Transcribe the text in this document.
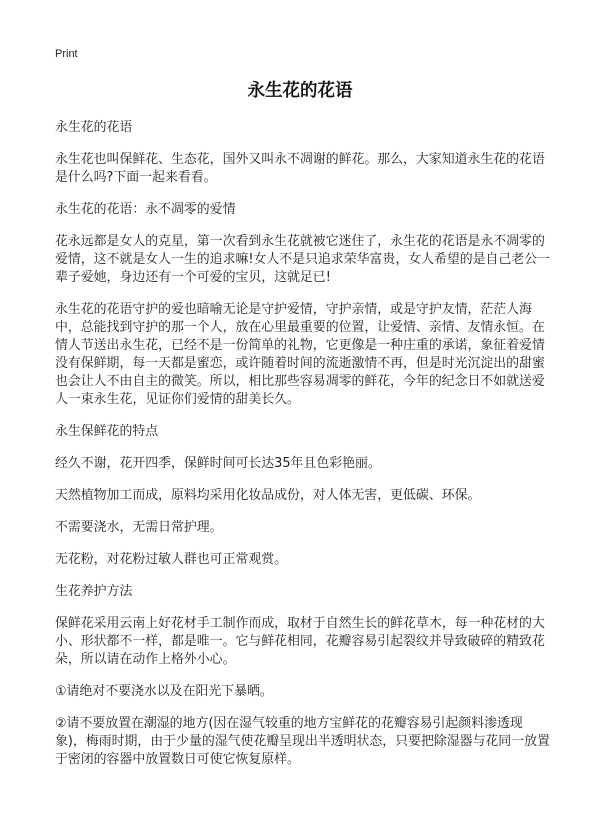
Print
永生花的花语

永生花的花语

永生花也叫保鲜花、生态花，国外又叫永不凋谢的鲜花。那么，大家知道永生花的花语是什么吗?下面一起来看看。

永生花的花语：永不凋零的爱情

花永远都是女人的克星，第一次看到永生花就被它迷住了，永生花的花语是永不凋零的爱情，这不就是女人一生的追求嘛!女人不是只追求荣华富贵，女人希望的是自己老公一辈子爱她，身边还有一个可爱的宝贝，这就足已!

永生花的花语守护的爱也暗喻无论是守护爱情，守护亲情，或是守护友情，茫茫人海中，总能找到守护的那一个人，放在心里最重要的位置，让爱情、亲情、友情永恒。在情人节送出永生花，已经不是一份简单的礼物，它更像是一种庄重的承诺，象征着爱情没有保鲜期，每一天都是蜜恋，或许随着时间的流逝激情不再，但是时光沉淀出的甜蜜也会让人不由自主的微笑。所以，相比那些容易凋零的鲜花，今年的纪念日不如就送爱人一束永生花，见证你们爱情的甜美长久。

永生保鲜花的特点

经久不谢，花开四季，保鲜时间可长达35年且色彩艳丽。

天然植物加工而成，原料均采用化妆品成份，对人体无害，更低碳、环保。

不需要浇水，无需日常护理。

无花粉，对花粉过敏人群也可正常观赏。

生花养护方法

保鲜花采用云南上好花材手工制作而成，取材于自然生长的鲜花草木，每一种花材的大小、形状都不一样，都是唯一。它与鲜花相同，花瓣容易引起裂纹并导致破碎的精致花朵，所以请在动作上格外小心。

①请绝对不要浇水以及在阳光下暴晒。

②请不要放置在潮湿的地方(因在湿气较重的地方宝鲜花的花瓣容易引起颜料渗透现象)，梅雨时期，由于少量的湿气使花瓣呈现出半透明状态，只要把除湿器与花同一放置于密闭的容器中放置数日可使它恢复原样。
